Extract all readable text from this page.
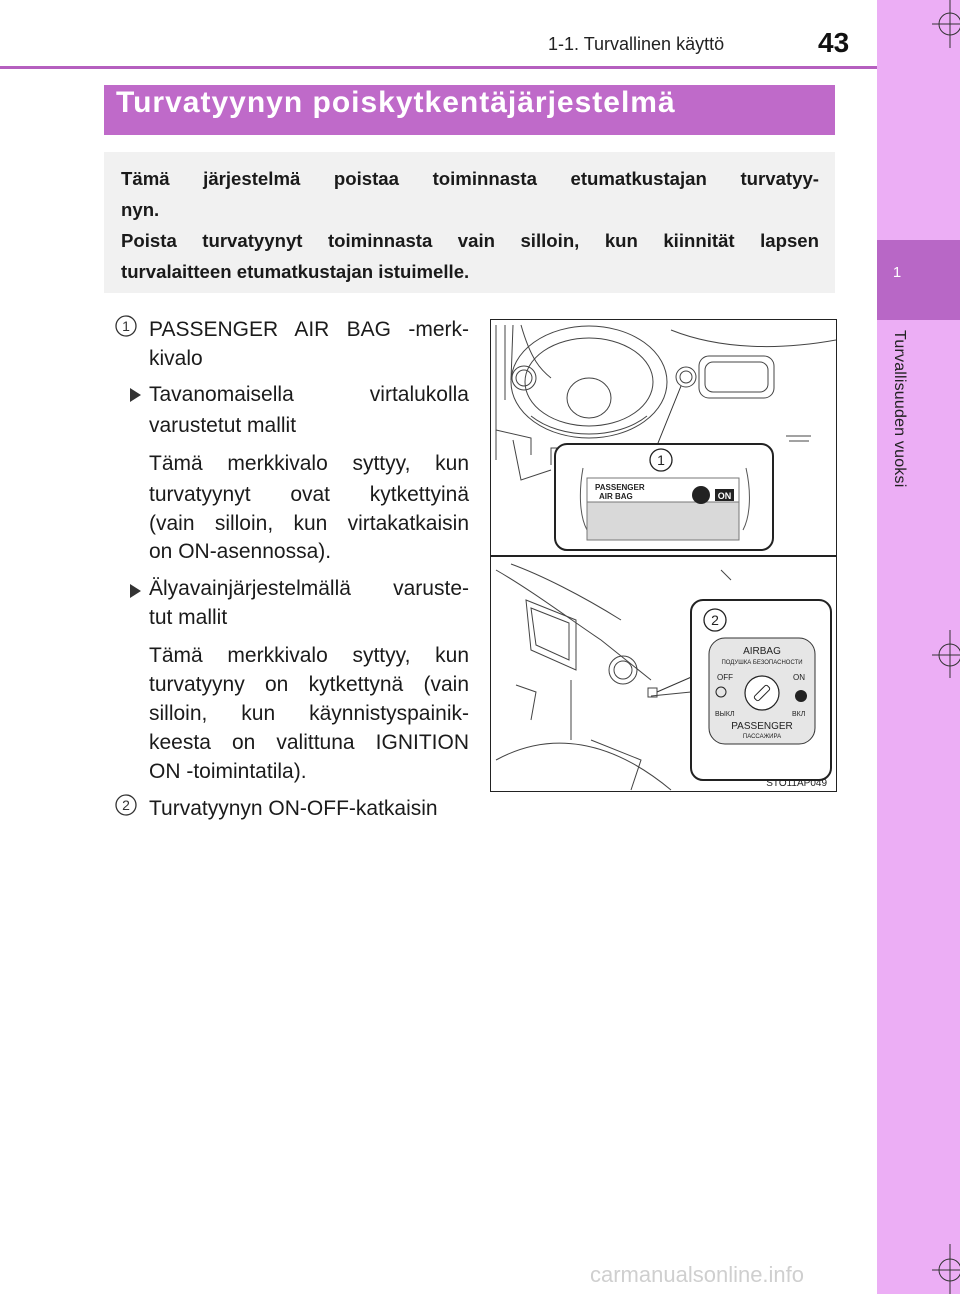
1-1. Turvallinen käyttö	43
1
Turvallisuuden vuoksi
Turvatyynyn poiskytkentäjärjestelmä
Tämä järjestelmä poistaa toiminnasta etumatkustajan turvatyy-
nyn.
Poista turvatyynyt toiminnasta vain silloin, kun kiinnität lapsen
turvalaitteen etumatkustajan istuimelle.
1 PASSENGER AIR BAG -merk-
kivalo
Tavanomaisella virtalukolla
varustetut mallit
Tämä merkkivalo syttyy, kun
turvatyynyt ovat kytkettyinä
(vain silloin, kun virtakatkaisin
on ON-asennossa).
Älyavainjärjestelmällä varuste-
tut mallit
Tämä merkkivalo syttyy, kun
turvatyyny on kytkettynä (vain
silloin, kun käynnistyspainik-
keesta on valittuna IGNITION
ON -toimintatila).
2 Turvatyynyn ON-OFF-katkaisin
1
PASSENGER
AIR BAG	ON
2
AIRBAG
ПОДУШКА БЕЗОПАСНОСТИ
OFF	ON
ВЫКЛ	ВКЛ
PASSENGER
ПАССАЖИРА
STO11AP049
carmanualsonline.info
